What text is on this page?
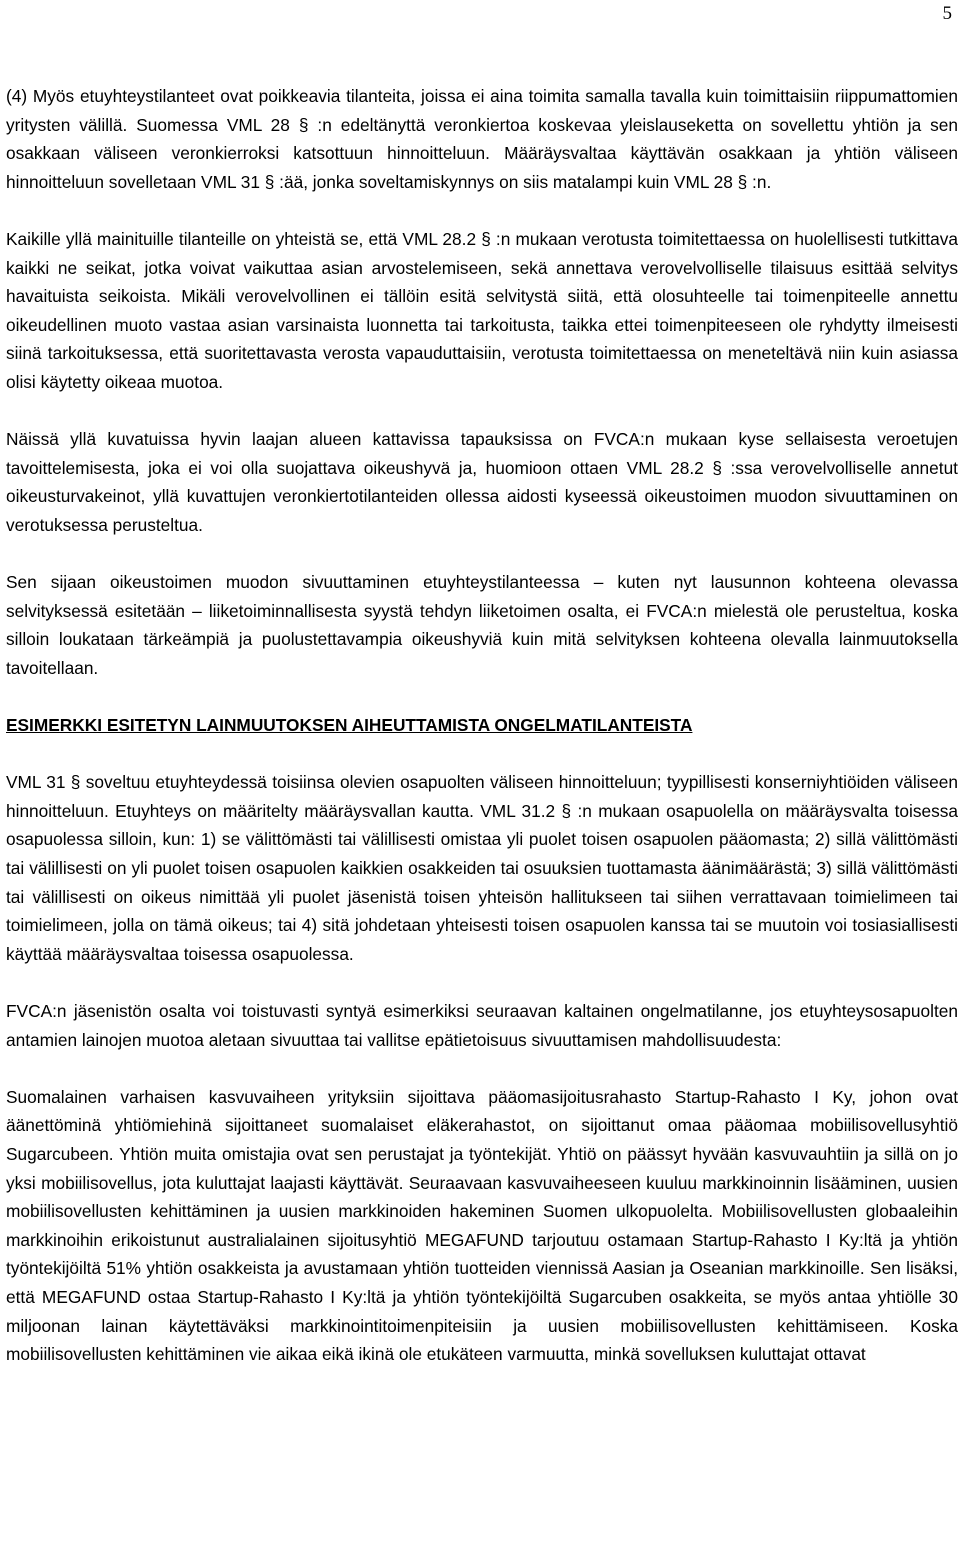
5

(4) Myös etuyhteystilanteet ovat poikkeavia tilanteita, joissa ei aina toimita samalla tavalla kuin toimittaisiin riippumattomien yritysten välillä. Suomessa VML 28 § :n edeltänyttä veronkiertoa koskevaa yleislauseketta on sovellettu yhtiön ja sen osakkaan väliseen veronkierroksi katsottuun hinnoitteluun. Määräysvaltaa käyttävän osakkaan ja yhtiön väliseen hinnoitteluun sovelletaan VML 31 § :ää, jonka soveltamiskynnys on siis matalampi kuin VML 28 § :n.

Kaikille yllä mainituille tilanteille on yhteistä se, että VML 28.2 § :n mukaan verotusta toimitettaessa on huolellisesti tutkittava kaikki ne seikat, jotka voivat vaikuttaa asian arvostelemiseen, sekä annettava verovelvolliselle tilaisuus esittää selvitys havaituista seikoista. Mikäli verovelvollinen ei tällöin esitä selvitystä siitä, että olosuhteelle tai toimenpiteelle annettu oikeudellinen muoto vastaa asian varsinaista luonnetta tai tarkoitusta, taikka ettei toimenpiteeseen ole ryhdytty ilmeisesti siinä tarkoituksessa, että suoritettavasta verosta vapauduttaisiin, verotusta toimitettaessa on meneteltävä niin kuin asiassa olisi käytetty oikeaa muotoa.

Näissä yllä kuvatuissa hyvin laajan alueen kattavissa tapauksissa on FVCA:n mukaan kyse sellaisesta veroetujen tavoittelemisesta, joka ei voi olla suojattava oikeushyvä ja, huomioon ottaen VML 28.2 § :ssa verovelvolliselle annetut oikeusturvakeinot, yllä kuvattujen veronkiertotilanteiden ollessa aidosti kyseessä oikeustoimen muodon sivuuttaminen on verotuksessa perusteltua.

Sen sijaan oikeustoimen muodon sivuuttaminen etuyhteystilanteessa – kuten nyt lausunnon kohteena olevassa selvityksessä esitetään – liiketoiminnallisesta syystä tehdyn liiketoimen osalta, ei FVCA:n mielestä ole perusteltua, koska silloin loukataan tärkeämpiä ja puolustettavampia oikeushyviä kuin mitä selvityksen kohteena olevalla lainmuutoksella tavoitellaan.

ESIMERKKI ESITETYN LAINMUUTOKSEN AIHEUTTAMISTA ONGELMATILANTEISTA

VML 31 § soveltuu etuyhteydessä toisiinsa olevien osapuolten väliseen hinnoitteluun; tyypillisesti konserniyhtiöiden väliseen hinnoitteluun. Etuyhteys on määritelty määräysvallan kautta. VML 31.2 § :n mukaan osapuolella on määräysvalta toisessa osapuolessa silloin, kun: 1) se välittömästi tai välillisesti omistaa yli puolet toisen osapuolen pääomasta; 2) sillä välittömästi tai välillisesti on yli puolet toisen osapuolen kaikkien osakkeiden tai osuuksien tuottamasta äänimäärästä; 3) sillä välittömästi tai välillisesti on oikeus nimittää yli puolet jäsenistä toisen yhteisön hallitukseen tai siihen verrattavaan toimielimeen tai toimielimeen, jolla on tämä oikeus; tai 4) sitä johdetaan yhteisesti toisen osapuolen kanssa tai se muutoin voi tosiasiallisesti käyttää määräysvaltaa toisessa osapuolessa.

FVCA:n jäsenistön osalta voi toistuvasti syntyä esimerkiksi seuraavan kaltainen ongelmatilanne, jos etuyhteysosapuolten antamien lainojen muotoa aletaan sivuuttaa tai vallitse epätietoisuus sivuuttamisen mahdollisuudesta:

Suomalainen varhaisen kasvuvaiheen yrityksiin sijoittava pääomasijoitusrahasto Startup-Rahasto I Ky, johon ovat äänettöminä yhtiömiehinä sijoittaneet suomalaiset eläkerahastot, on sijoittanut omaa pääomaa mobiilisovellusyhtiö Sugarcubeen. Yhtiön muita omistajia ovat sen perustajat ja työntekijät. Yhtiö on päässyt hyvään kasvuvauhtiin ja sillä on jo yksi mobiilisovellus, jota kuluttajat laajasti käyttävät. Seuraavaan kasvuvaiheeseen kuuluu markkinoinnin lisääminen, uusien mobiilisovellusten kehittäminen ja uusien markkinoiden hakeminen Suomen ulkopuolelta. Mobiilisovellusten globaaleihin markkinoihin erikoistunut australialainen sijoitusyhtiö MEGAFUND tarjoutuu ostamaan Startup-Rahasto I Ky:ltä ja yhtiön työntekijöiltä 51% yhtiön osakkeista ja avustamaan yhtiön tuotteiden viennissä Aasian ja Oseanian markkinoille. Sen lisäksi, että MEGAFUND ostaa Startup-Rahasto I Ky:ltä ja yhtiön työntekijöiltä Sugarcuben osakkeita, se myös antaa yhtiölle 30 miljoonan lainan käytettäväksi markkinointitoimenpiteisiin ja uusien mobiilisovellusten kehittämiseen. Koska mobiilisovellusten kehittäminen vie aikaa eikä ikinä ole etukäteen varmuutta, minkä sovelluksen kuluttajat ottavat
